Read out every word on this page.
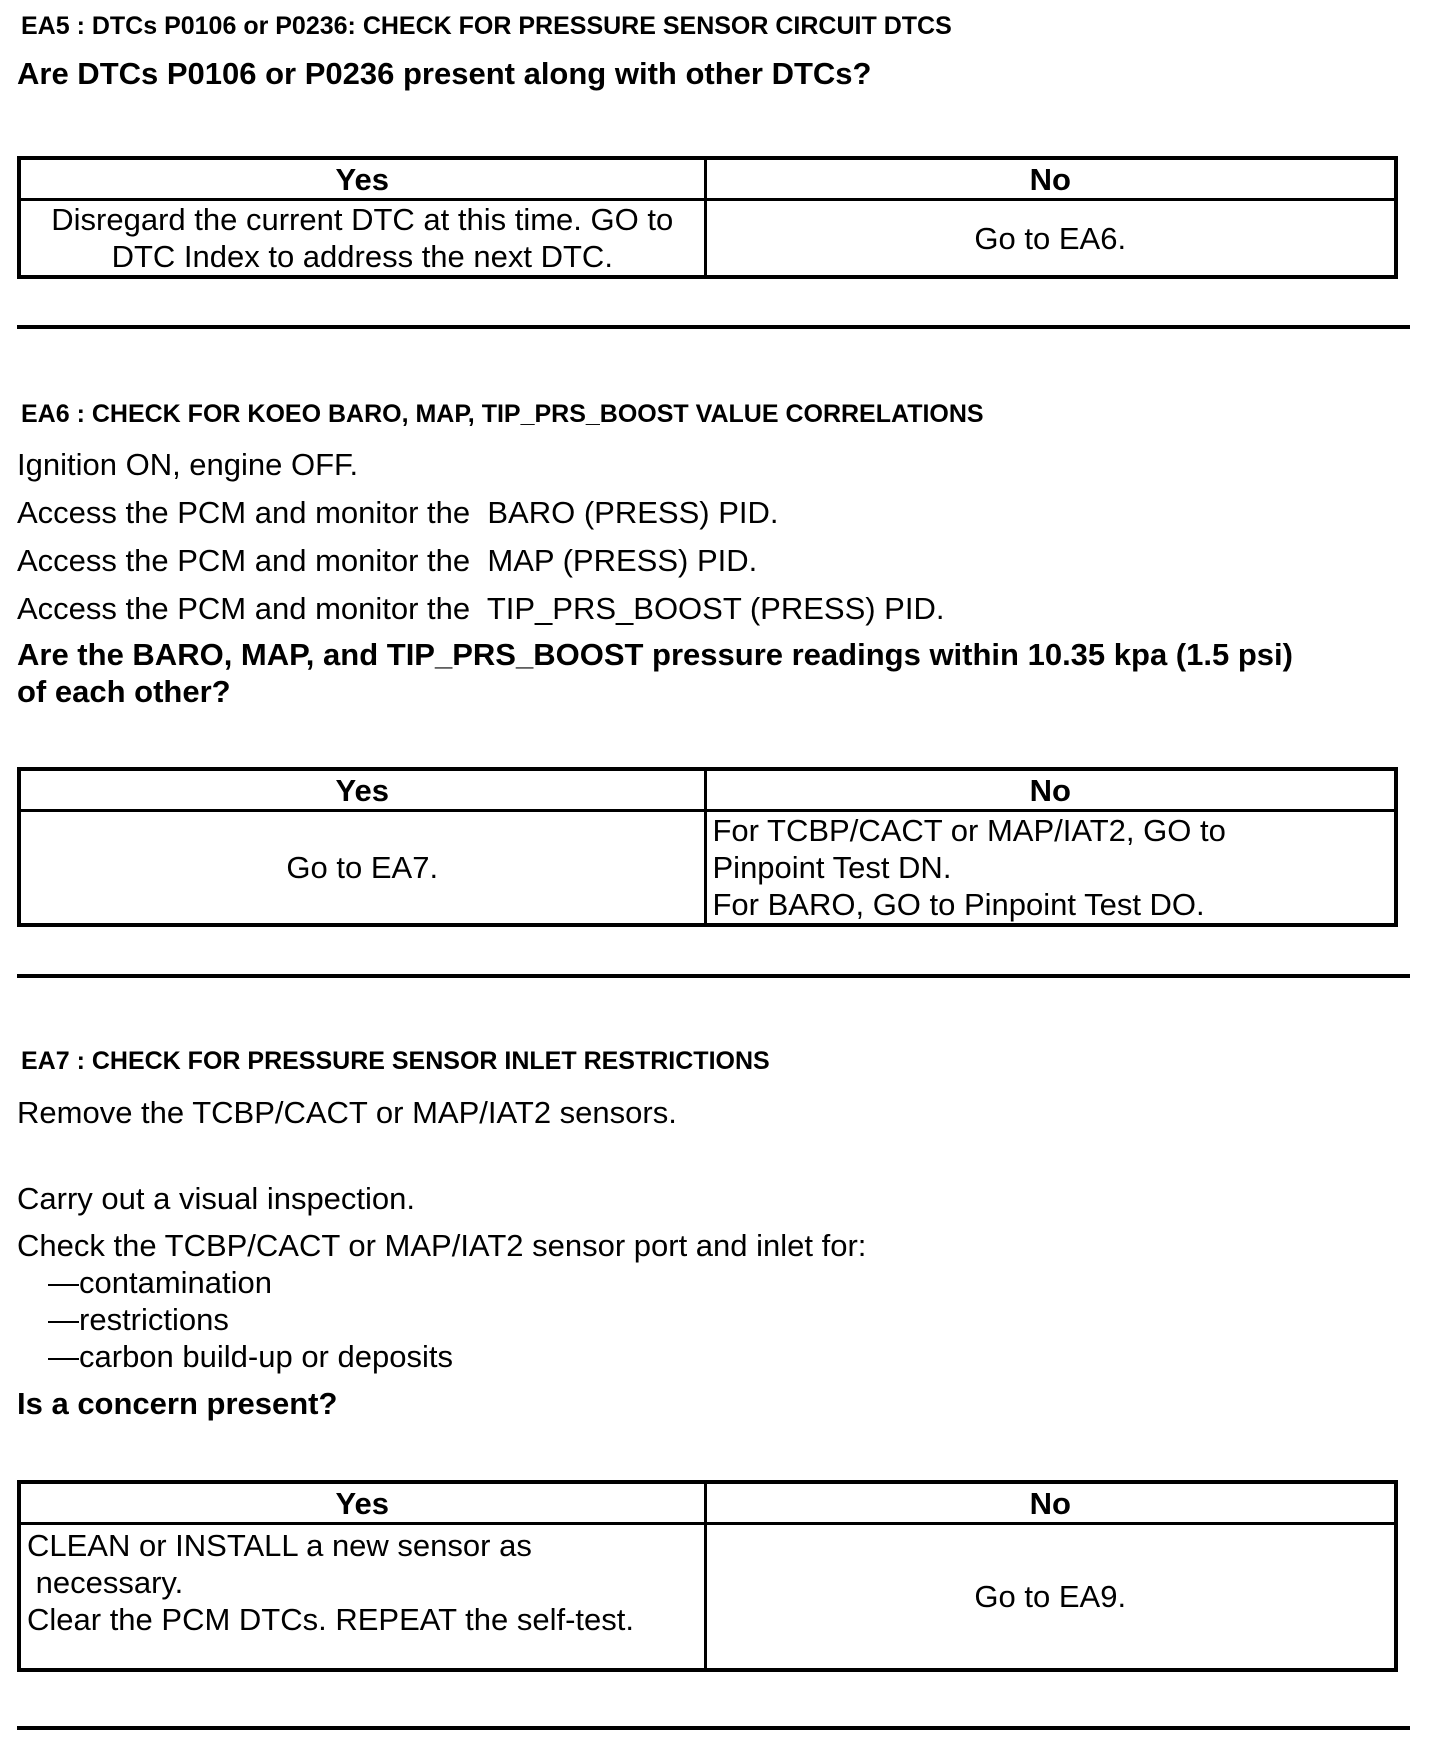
EA5 : DTCs P0106 or P0236: CHECK FOR PRESSURE SENSOR CIRCUIT DTCS
Are DTCs P0106 or P0236 present along with other DTCs?
Yes	No

Disregard the current DTC at this time. GO to
DTC Index to address the next DTC.	Go to EA6.
EA6 : CHECK FOR KOEO BARO, MAP, TIP_PRS_BOOST VALUE CORRELATIONS
Ignition ON, engine OFF.
Access the PCM and monitor the  BARO (PRESS) PID.
Access the PCM and monitor the  MAP (PRESS) PID.
Access the PCM and monitor the  TIP_PRS_BOOST (PRESS) PID.
Are the BARO, MAP, and TIP_PRS_BOOST pressure readings within 10.35 kpa (1.5 psi)
of each other?
Yes	No

Go to EA7.	For TCBP/CACT or MAP/IAT2, GO to
Pinpoint Test DN.
For BARO, GO to Pinpoint Test DO.
EA7 : CHECK FOR PRESSURE SENSOR INLET RESTRICTIONS
Remove the TCBP/CACT or MAP/IAT2 sensors.
Carry out a visual inspection.
Check the TCBP/CACT or MAP/IAT2 sensor port and inlet for:
—contamination
—restrictions
—carbon build-up or deposits
Is a concern present?
Yes	No

CLEAN or INSTALL a new sensor as
necessary.
Clear the PCM DTCs. REPEAT the self-test.	Go to EA9.
